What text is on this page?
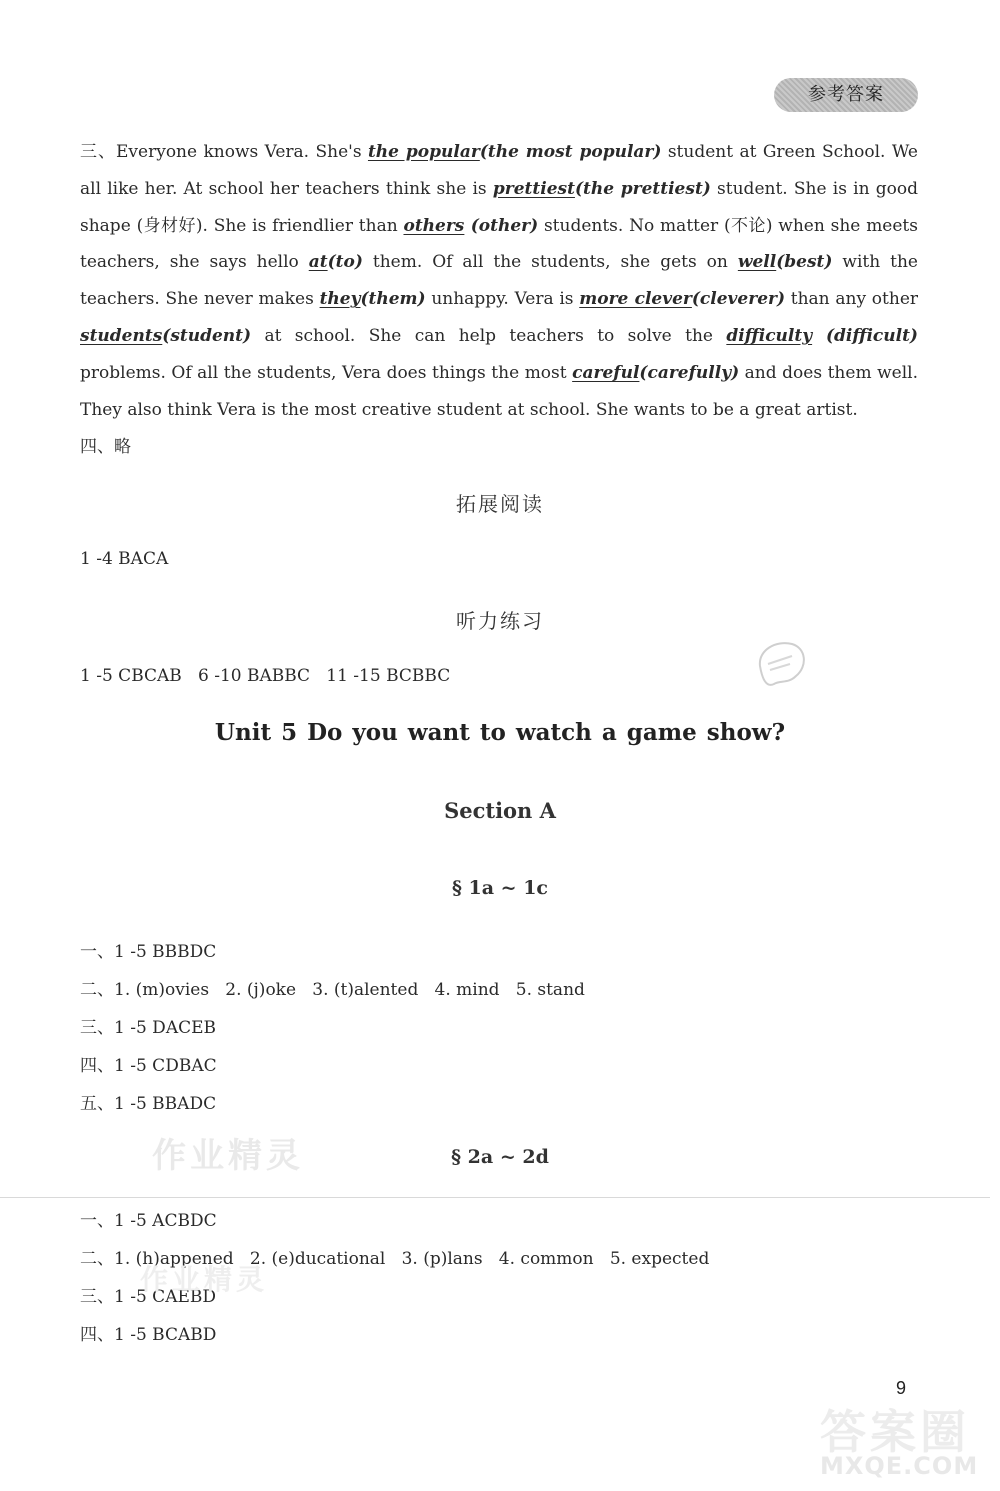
参考答案

三、Everyone knows Vera. She's the popular(the most popular) student at Green School. We all like her. At school her teachers think she is prettiest(the prettiest) student. She is in good shape (身材好). She is friendlier than others (other) students. No matter (不论) when she meets teachers, she says hello at(to) them. Of all the students, she gets on well(best) with the teachers. She never makes they(them) unhappy. Vera is more clever(cleverer) than any other students(student) at school. She can help teachers to solve the difficulty (difficult) problems. Of all the students, Vera does things the most careful(carefully) and does them well. They also think Vera is the most creative student at school. She wants to be a great artist.

四、略

拓展阅读

1 -4 BACA

听力练习

1 -5 CBCAB   6 -10 BABBC   11 -15 BCBBC

Unit 5 Do you want to watch a game show?

Section A

§ 1a ~ 1c

一、1 -5 BBBDC

二、1. (m)ovies   2. (j)oke   3. (t)alented   4. mind   5. stand

三、1 -5 DACEB

四、1 -5 CDBAC

五、1 -5 BBADC

作业精灵	§ 2a ~ 2d

一、1 -5 ACBDC

二、1. (h)appened   2. (e)ducational   3. (p)lans   4. common   5. expected

三、1 -5 CAEBD

四、1 -5 BCABD

作业精灵
9
答案圈
MXQE.COM
